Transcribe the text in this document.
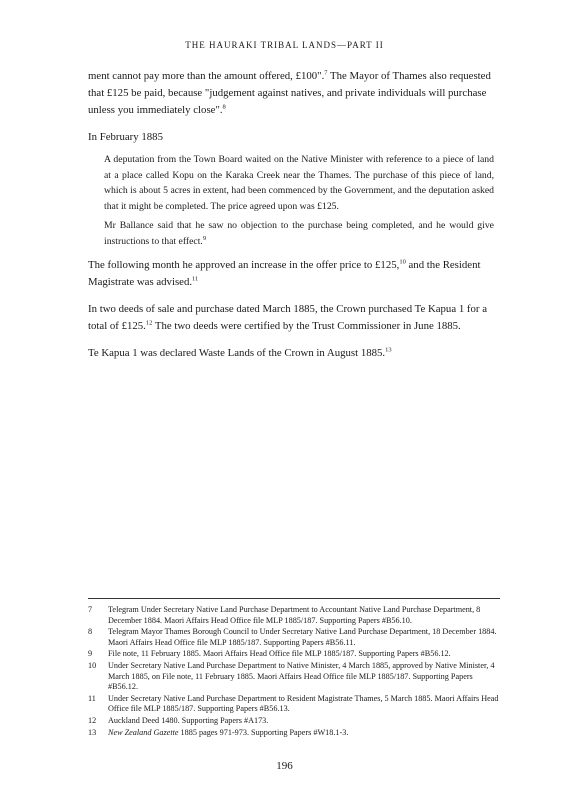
THE HAURAKI TRIBAL LANDS—PART II

ment cannot pay more than the amount offered, £100".$^7$ The Mayor of Thames also requested that £125 be paid, because "judgement against natives, and private individuals will purchase unless you immediately close".$^8$

In February 1885

A deputation from the Town Board waited on the Native Minister with reference to a piece of land at a place called Kopu on the Karaka Creek near the Thames. The purchase of this piece of land, which is about 5 acres in extent, had been commenced by the Government, and the deputation asked that it might be completed. The price agreed upon was £125.

Mr Ballance said that he saw no objection to the purchase being completed, and he would give instructions to that effect.$^9$

The following month he approved an increase in the offer price to £125,10 and the Resident Magistrate was advised.$^{11}$

In two deeds of sale and purchase dated March 1885, the Crown purchased Te Kapua 1 for a total of £125.12 The two deeds were certified by the Trust Commissioner in June 1885.

Te Kapua 1 was declared Waste Lands of the Crown in August 1885.13

7	Telegram Under Secretary Native Land Purchase Department to Accountant Native Land Purchase Department, 8 December 1884. Maori Affairs Head Office file MLP 1885/187. Supporting Papers #B56.10.
8	Telegram Mayor Thames Borough Council to Under Secretary Native Land Purchase Department, 18 December 1884. Maori Affairs Head Office file MLP 1885/187. Supporting Papers #B56.11.
9	File note, 11 February 1885. Maori Affairs Head Office file MLP 1885/187. Supporting Papers #B56.12.
10	Under Secretary Native Land Purchase Department to Native Minister, 4 March 1885, approved by Native Minister, 4 March 1885, on File note, 11 February 1885. Maori Affairs Head Office file MLP 1885/187. Supporting Papers #B56.12.
11	Under Secretary Native Land Purchase Department to Resident Magistrate Thames, 5 March 1885. Maori Affairs Head Office file MLP 1885/187. Supporting Papers #B56.13.
12	Auckland Deed 1480. Supporting Papers #A173.
13	New Zealand Gazette 1885 pages 971-973. Supporting Papers #W18.1-3.
196
